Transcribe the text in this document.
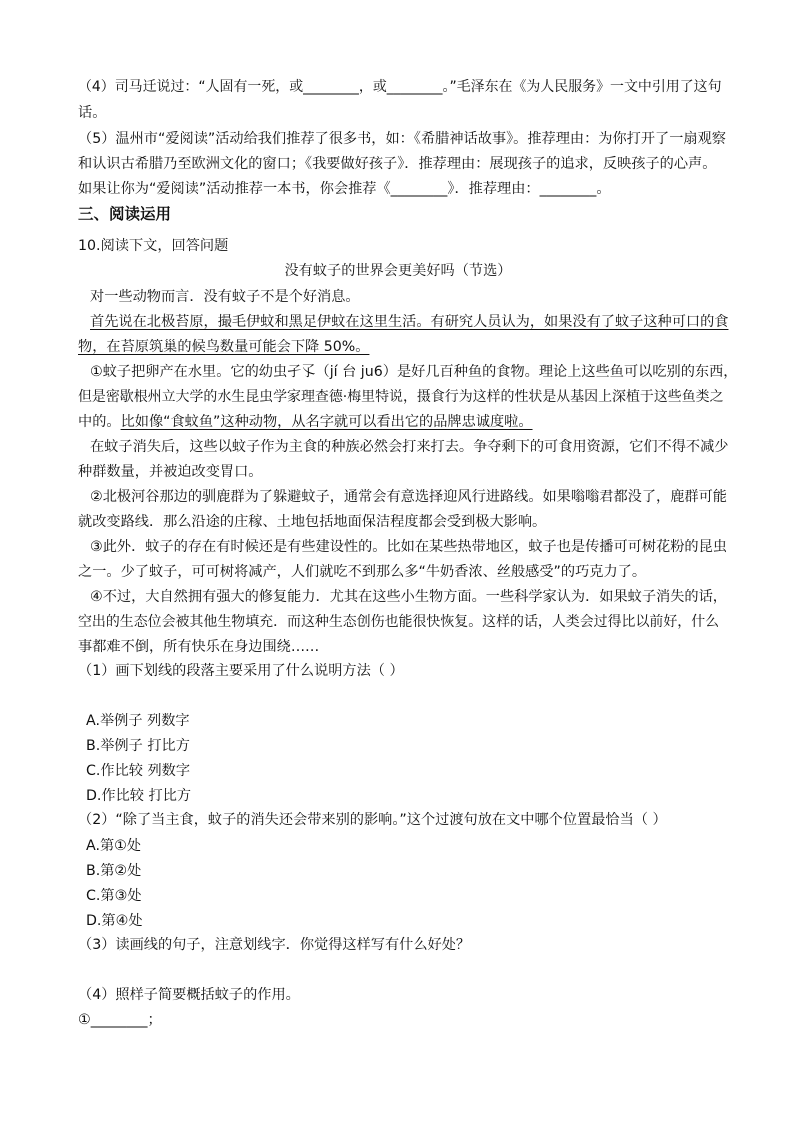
（4）司马迁说过：“人固有一死，或________，或________。”毛泽东在《为人民服务》一文中引用了这句
话。
（5）温州市“爱阅读”活动给我们推荐了很多书，如：《希腊神话故事》。推荐理由：为你打开了一扇观察
和认识古希腊乃至欧洲文化的窗口；《我要做好孩子》．推荐理由：展现孩子的追求，反映孩子的心声。
如果让你为“爱阅读”活动推荐一本书，你会推荐《________》．推荐理由：________。
三、阅读运用
10.阅读下文，回答问题
没有蚊子的世界会更美好吗（节选）
对一些动物而言．没有蚊子不是个好消息。
首先说在北极苔原，撮毛伊蚊和黑足伊蚊在这里生活。有研究人员认为，如果没有了蚊子这种可口的食
物，在苔原筑巢的候鸟数量可能会下降 50%。
①蚊子把卵产在水里。它的幼虫孑孓（jí 台 ju6）是好几百种鱼的食物。理论上这些鱼可以吃别的东西，
但是密歇根州立大学的水生昆虫学家理查德·梅里特说，摄食行为这样的性状是从基因上深植于这些鱼类之
中的。比如像“食蚊鱼”这种动物，从名字就可以看出它的品牌忠诚度啦。
在蚊子消失后，这些以蚊子作为主食的种族必然会打来打去。争夺剩下的可食用资源，它们不得不减少
种群数量，并被迫改变胃口。
②北极河谷那边的驯鹿群为了躲避蚊子，通常会有意选择迎风行进路线。如果嗡嗡君都没了，鹿群可能
就改变路线．那么沿途的庄稼、土地包括地面保洁程度都会受到极大影响。
③此外．蚊子的存在有时候还是有些建设性的。比如在某些热带地区，蚊子也是传播可可树花粉的昆虫
之一。少了蚊子，可可树将减产，人们就吃不到那么多“牛奶香浓、丝般感受”的巧克力了。
④不过，大自然拥有强大的修复能力．尤其在这些小生物方面。一些科学家认为．如果蚊子消失的话，
空出的生态位会被其他生物填充．而这种生态创伤也能很快恢复。这样的话，人类会过得比以前好，什么
事都难不倒，所有快乐在身边围绕……
（1）画下划线的段落主要采用了什么说明方法（ ）
A.举例子 列数字
B.举例子 打比方
C.作比较 列数字
D.作比较 打比方
（2）“除了当主食，蚊子的消失还会带来别的影响。”这个过渡句放在文中哪个位置最恰当（ ）
A.第①处
B.第②处
C.第③处
D.第④处
（3）读画线的句子，注意划线字．你觉得这样写有什么好处？
（4）照样子简要概括蚊子的作用。
①________；
